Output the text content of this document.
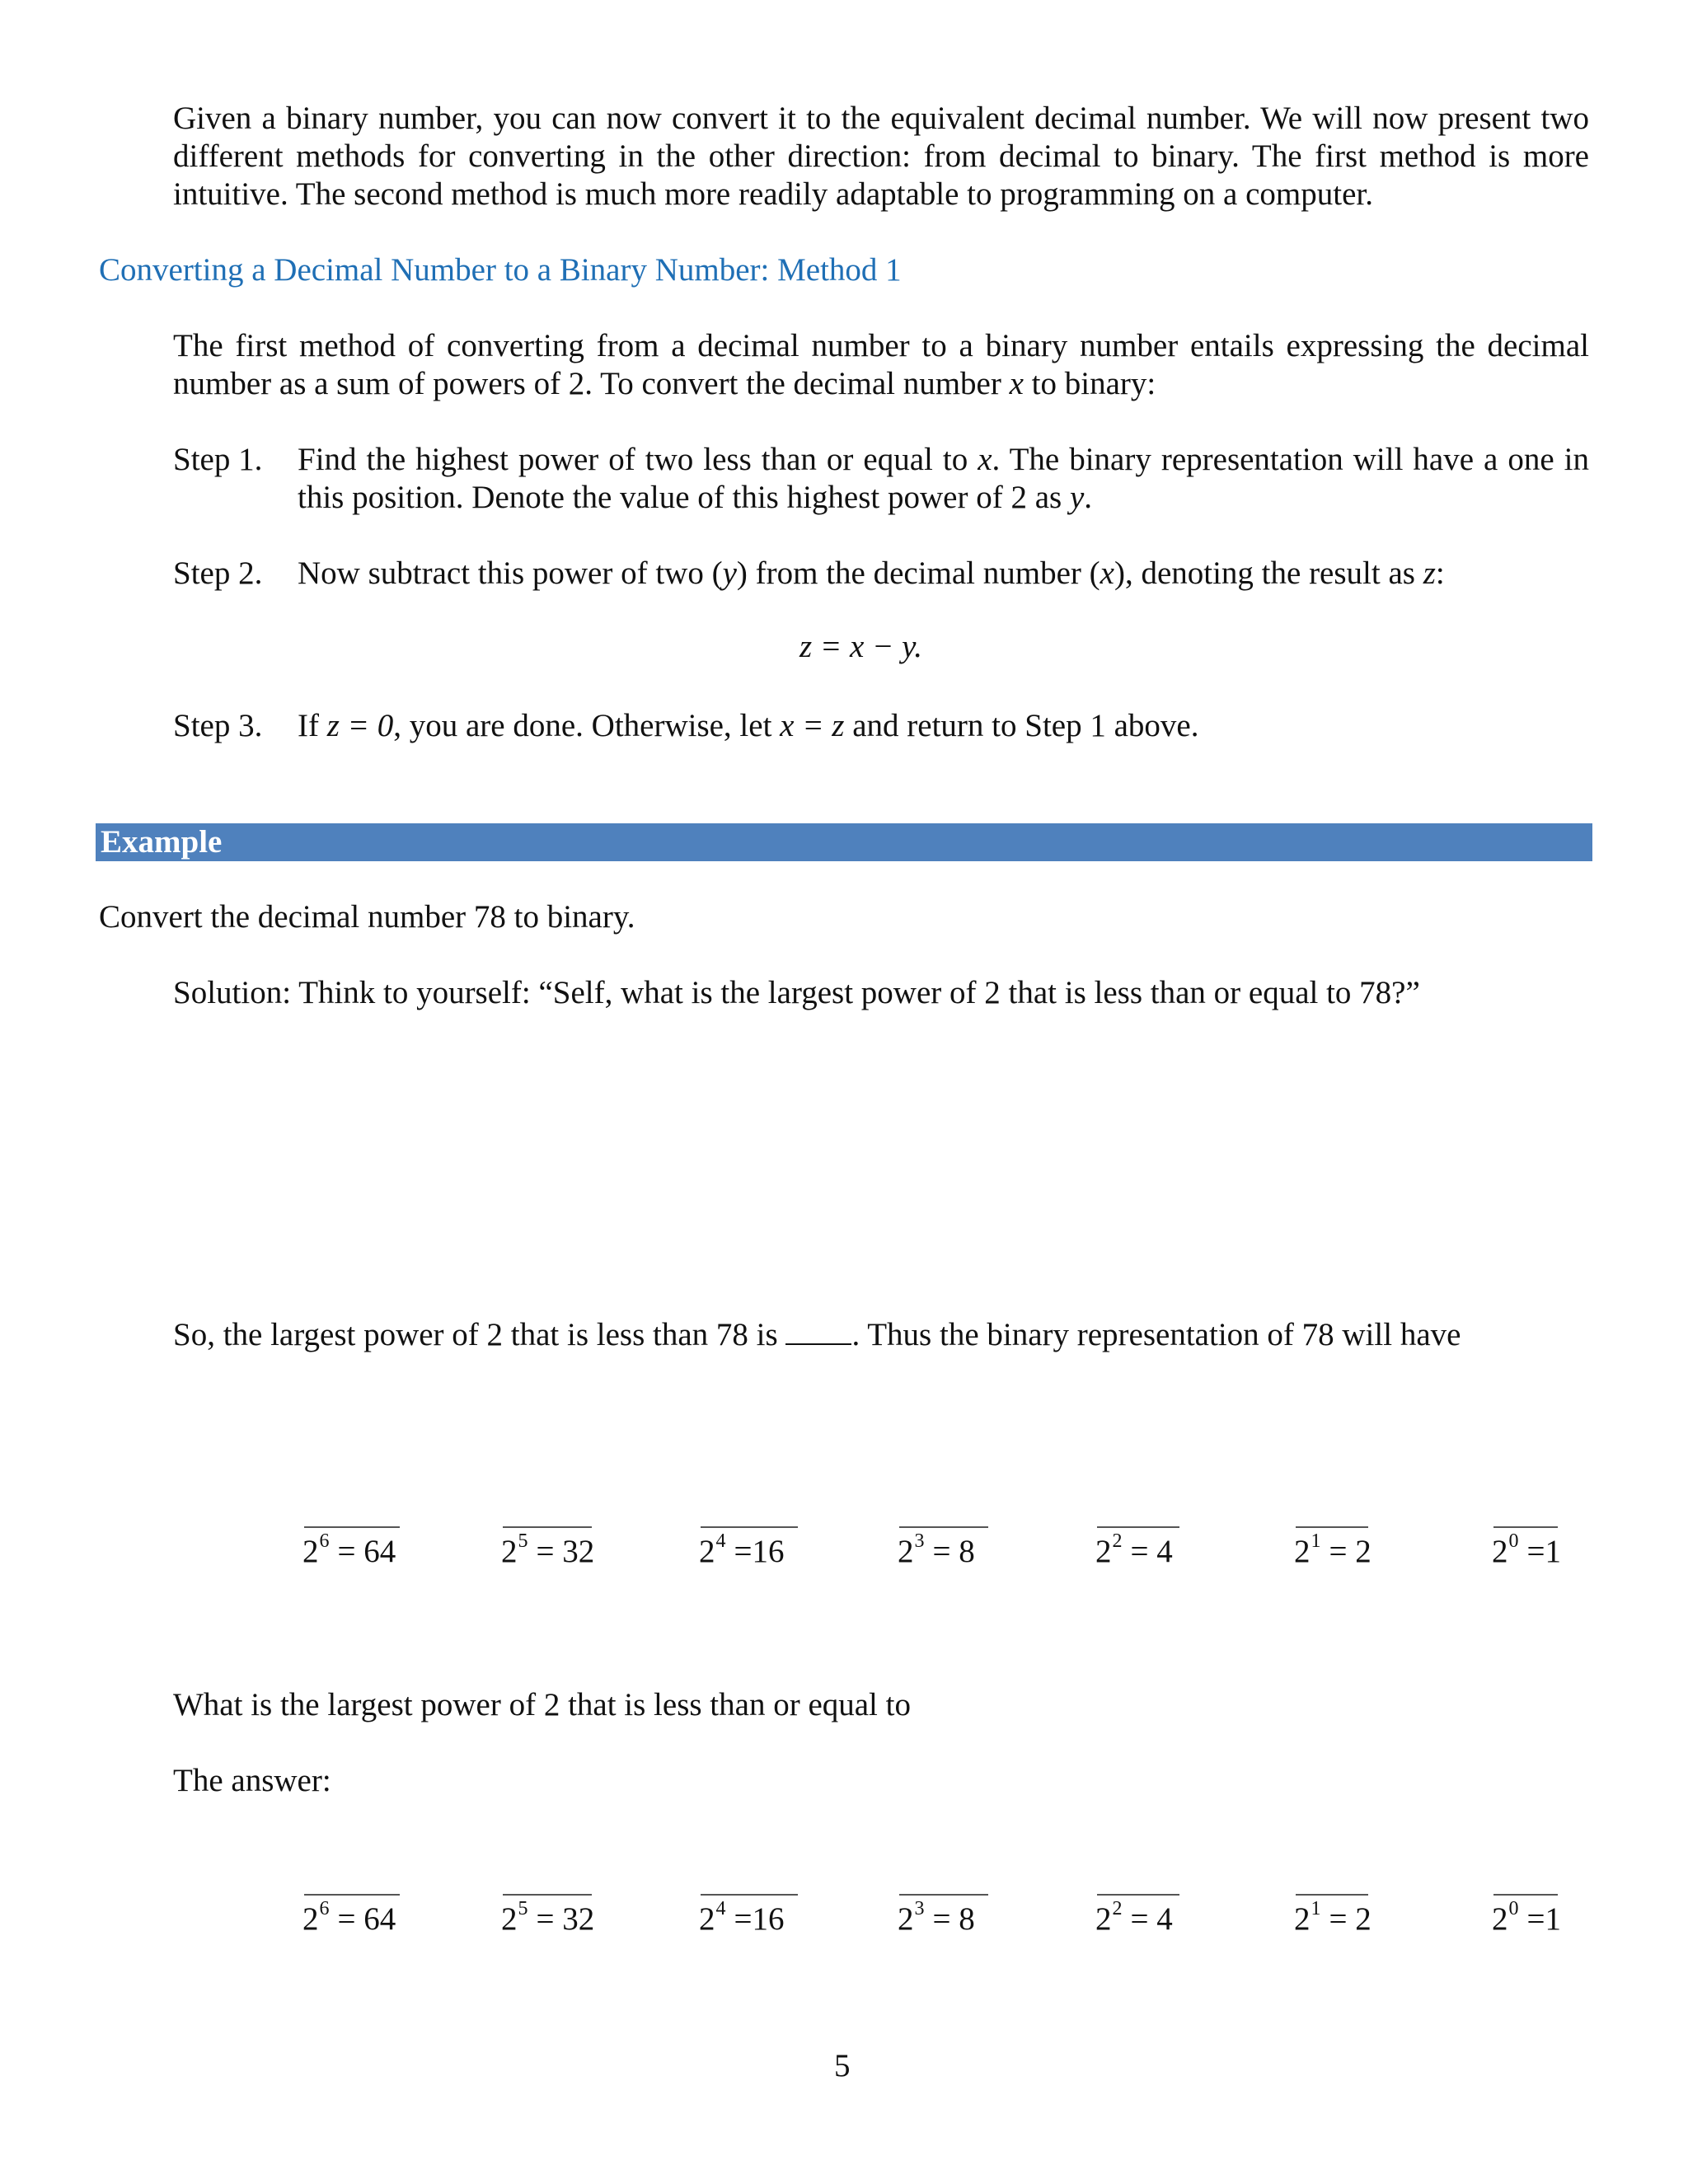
Given a binary number, you can now convert it to the equivalent decimal number. We will now present two different methods for converting in the other direction: from decimal to binary. The first method is more intuitive. The second method is much more readily adaptable to programming on a computer.
Converting a Decimal Number to a Binary Number: Method 1
The first method of converting from a decimal number to a binary number entails expressing the decimal number as a sum of powers of 2. To convert the decimal number x to binary:
Step 1. Find the highest power of two less than or equal to x. The binary representation will have a one in this position. Denote the value of this highest power of 2 as y.
Step 2. Now subtract this power of two (y) from the decimal number (x), denoting the result as z:
z = x − y.
Step 3. If z = 0, you are done. Otherwise, let x = z and return to Step 1 above.
Example
Convert the decimal number 78 to binary.
Solution: Think to yourself: “Self, what is the largest power of 2 that is less than or equal to 78?”
So, the largest power of 2 that is less than 78 is . Thus the binary representation of 78 will have
$2^6 = 64$	$2^5 = 32$	$2^4 =16$	$2^3 = 8$	$2^2 = 4$	$2^1 = 2$	$2^0 =1$
What is the largest power of 2 that is less than or equal to
The answer:
$2^6 = 64$	$2^5 = 32$	$2^4 =16$	$2^3 = 8$	$2^2 = 4$	$2^1 = 2$	$2^0 =1$
5
